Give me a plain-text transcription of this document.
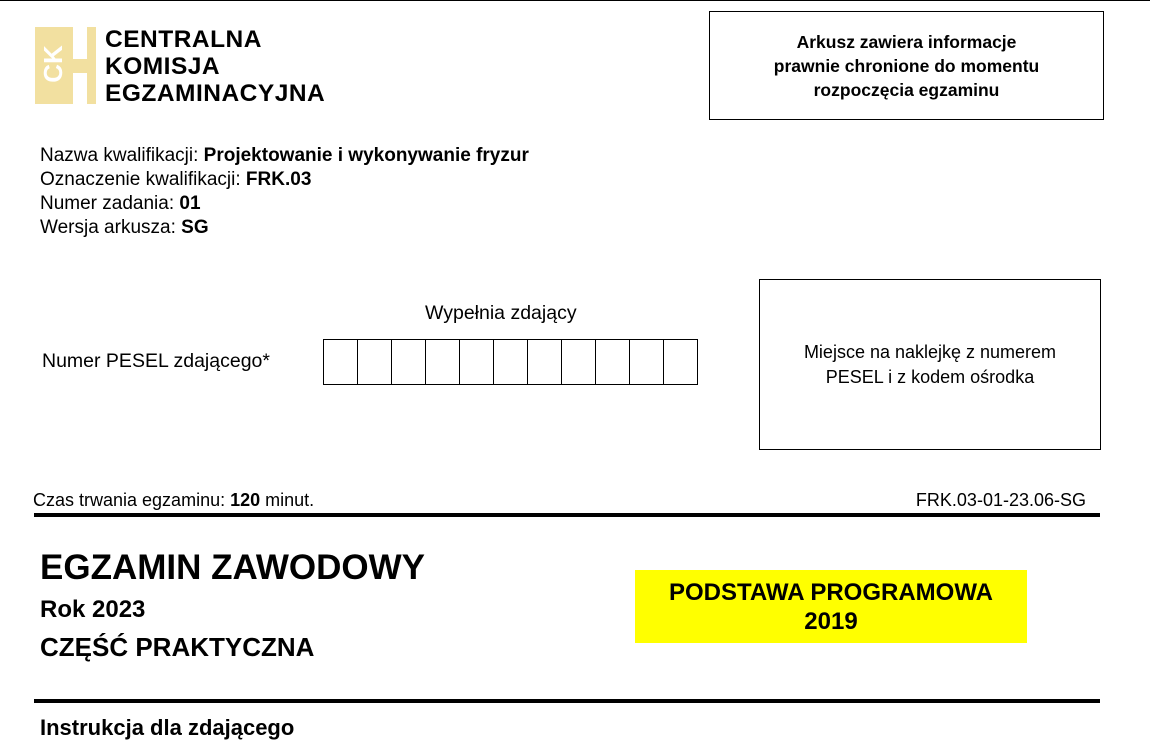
CK
CENTRALNA
KOMISJA
EGZAMINACYJNA
Arkusz zawiera informacje
prawnie chronione do momentu
rozpoczęcia egzaminu
Nazwa kwalifikacji: Projektowanie i wykonywanie fryzur
Oznaczenie kwalifikacji: FRK.03
Numer zadania: 01
Wersja arkusza: SG
Wypełnia zdający
Numer PESEL zdającego*	Miejsce na naklejkę z numerem
PESEL i z kodem ośrodka
Czas trwania egzaminu: 120 minut.	FRK.03-01-23.06-SG
EGZAMIN ZAWODOWY
Rok 2023
CZĘŚĆ PRAKTYCZNA
PODSTAWA PROGRAMOWA
2019
Instrukcja dla zdającego
